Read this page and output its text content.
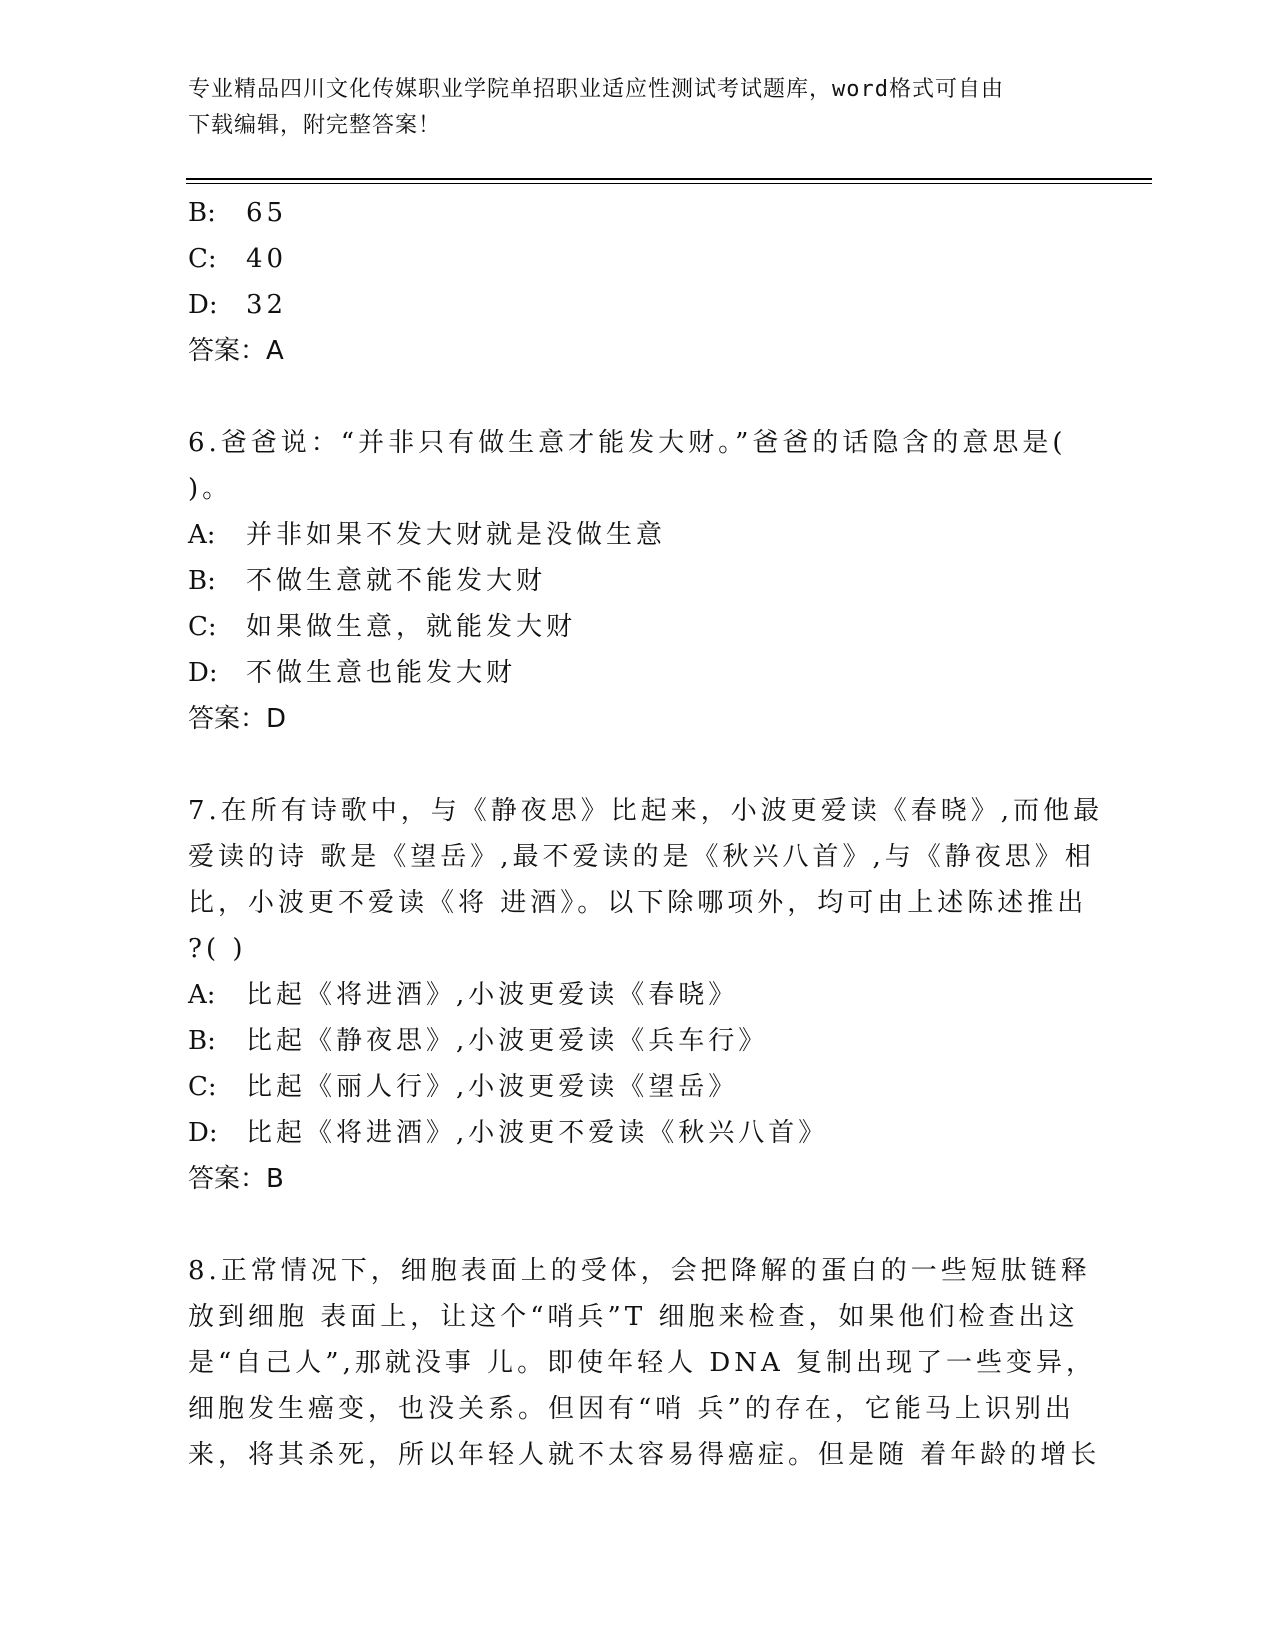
专业精品四川文化传媒职业学院单招职业适应性测试考试题库，word格式可自由
下载编辑，附完整答案！
B: 65
C: 40
D: 32
答案：A
6.爸爸说：“并非只有做生意才能发大财。”爸爸的话隐含的意思是(
)。
A: 并非如果不发大财就是没做生意
B: 不做生意就不能发大财
C: 如果做生意，就能发大财
D: 不做生意也能发大财
答案：D
7.在所有诗歌中，与《静夜思》比起来，小波更爱读《春晓》,而他最
爱读的诗 歌是《望岳》,最不爱读的是《秋兴八首》,与《静夜思》相
比，小波更不爱读《将 进酒》。以下除哪项外，均可由上述陈述推出
?( )
A: 比起《将进酒》,小波更爱读《春晓》
B: 比起《静夜思》,小波更爱读《兵车行》
C: 比起《丽人行》,小波更爱读《望岳》
D: 比起《将进酒》,小波更不爱读《秋兴八首》
答案：B
8.正常情况下，细胞表面上的受体，会把降解的蛋白的一些短肽链释
放到细胞 表面上，让这个“哨兵”T 细胞来检查，如果他们检查出这
是“自己人”,那就没事 儿。即使年轻人 DNA 复制出现了一些变异，
细胞发生癌变，也没关系。但因有“哨 兵”的存在，它能马上识别出
来，将其杀死，所以年轻人就不太容易得癌症。但是随 着年龄的增长
